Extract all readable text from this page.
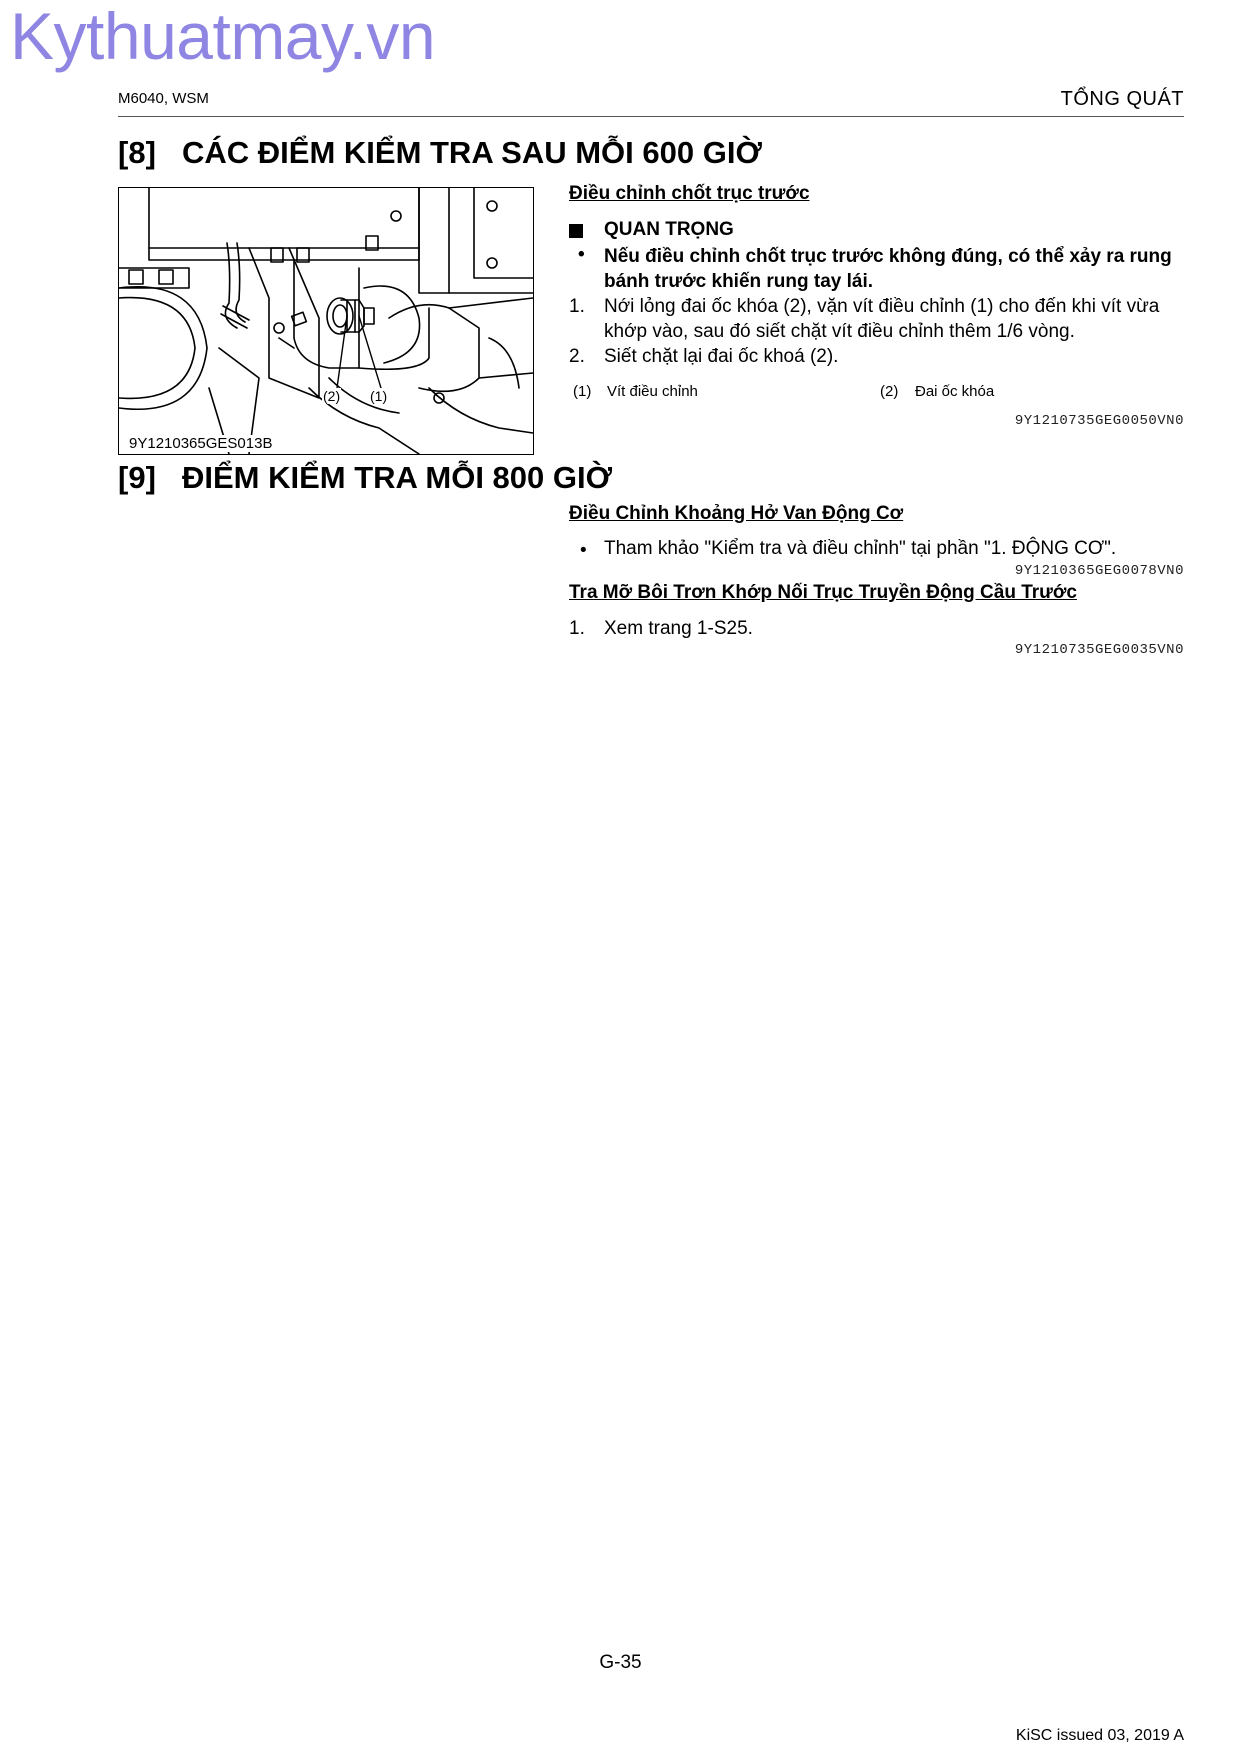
Kythuatmay.vn
M6040, WSM	TỔNG QUÁT
[8] CÁC ĐIỂM KIỂM TRA SAU MỖI 600 GIỜ
(2) (1)
9Y1210365GES013B
Điều chỉnh chốt trục trước
QUAN TRỌNG
• Nếu điều chỉnh chốt trục trước không đúng, có thể xảy ra rung bánh trước khiến rung tay lái.
1. Nới lỏng đai ốc khóa (2), vặn vít điều chỉnh (1) cho đến khi vít vừa khớp vào, sau đó siết chặt vít điều chỉnh thêm 1/6 vòng.
2. Siết chặt lại đai ốc khoá (2).
(1) Vít điều chỉnh	(2) Đai ốc khóa
9Y1210735GEG0050VN0
[9] ĐIỂM KIỂM TRA MỖI 800 GIỜ
Điều Chỉnh Khoảng Hở Van Động Cơ
• Tham khảo "Kiểm tra và điều chỉnh" tại phần "1. ĐỘNG CƠ".
9Y1210365GEG0078VN0
Tra Mỡ Bôi Trơn Khớp Nối Trục Truyền Động Cầu Trước
1. Xem trang 1-S25.
9Y1210735GEG0035VN0
G-35
KiSC issued 03, 2019 A
